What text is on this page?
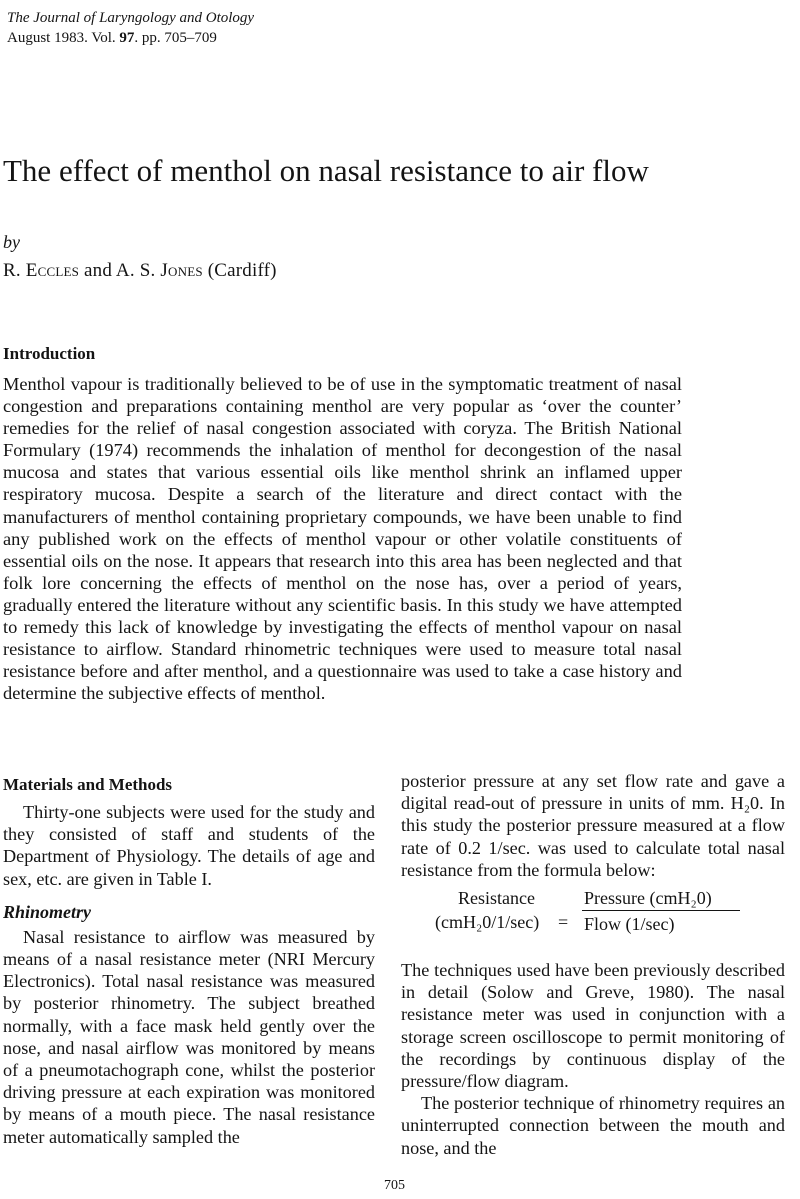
The Journal of Laryngology and Otology
August 1983. Vol. 97. pp. 705–709
The effect of menthol on nasal resistance to air flow
by
R. Eccles and A. S. Jones (Cardiff)
Introduction

Menthol vapour is traditionally believed to be of use in the symptomatic treatment of nasal congestion and preparations containing menthol are very popular as ‘over the counter’ remedies for the relief of nasal congestion associated with coryza. The British National Formulary (1974) recommends the inhalation of menthol for decongestion of the nasal mucosa and states that various essential oils like menthol shrink an inflamed upper respiratory mucosa. Despite a search of the literature and direct contact with the manufacturers of menthol containing proprietary compounds, we have been unable to find any published work on the effects of menthol vapour or other volatile constituents of essential oils on the nose. It appears that research into this area has been neglected and that folk lore concerning the effects of menthol on the nose has, over a period of years, gradually entered the literature without any scientific basis. In this study we have attempted to remedy this lack of knowledge by investigating the effects of menthol vapour on nasal resistance to airflow. Standard rhinometric techniques were used to measure total nasal resistance before and after menthol, and a questionnaire was used to take a case history and determine the subjective effects of menthol.

Materials and Methods

Thirty-one subjects were used for the study and they consisted of staff and students of the Department of Physiology. The details of age and sex, etc. are given in Table I.

Rhinometry

Nasal resistance to airflow was measured by means of a nasal resistance meter (NRI Mercury Electronics). Total nasal resistance was measured by posterior rhinometry. The subject breathed normally, with a face mask held gently over the nose, and nasal airflow was monitored by means of a pneumotachograph cone, whilst the posterior driving pressure at each expiration was monitored by means of a mouth piece. The nasal resistance meter automatically sampled the

posterior pressure at any set flow rate and gave a digital read-out of pressure in units of mm. H₂0. In this study the posterior pressure measured at a flow rate of 0.2 1/sec. was used to calculate total nasal resistance from the formula below:

Resistance
(cmH₂0/1/sec) =
Pressure (cmH₂0)
Flow (1/sec)

The techniques used have been previously described in detail (Solow and Greve, 1980). The nasal resistance meter was used in conjunction with a storage screen oscilloscope to permit monitoring of the recordings by continuous display of the pressure/flow diagram.

The posterior technique of rhinometry requires an uninterrupted connection between the mouth and nose, and the

705
